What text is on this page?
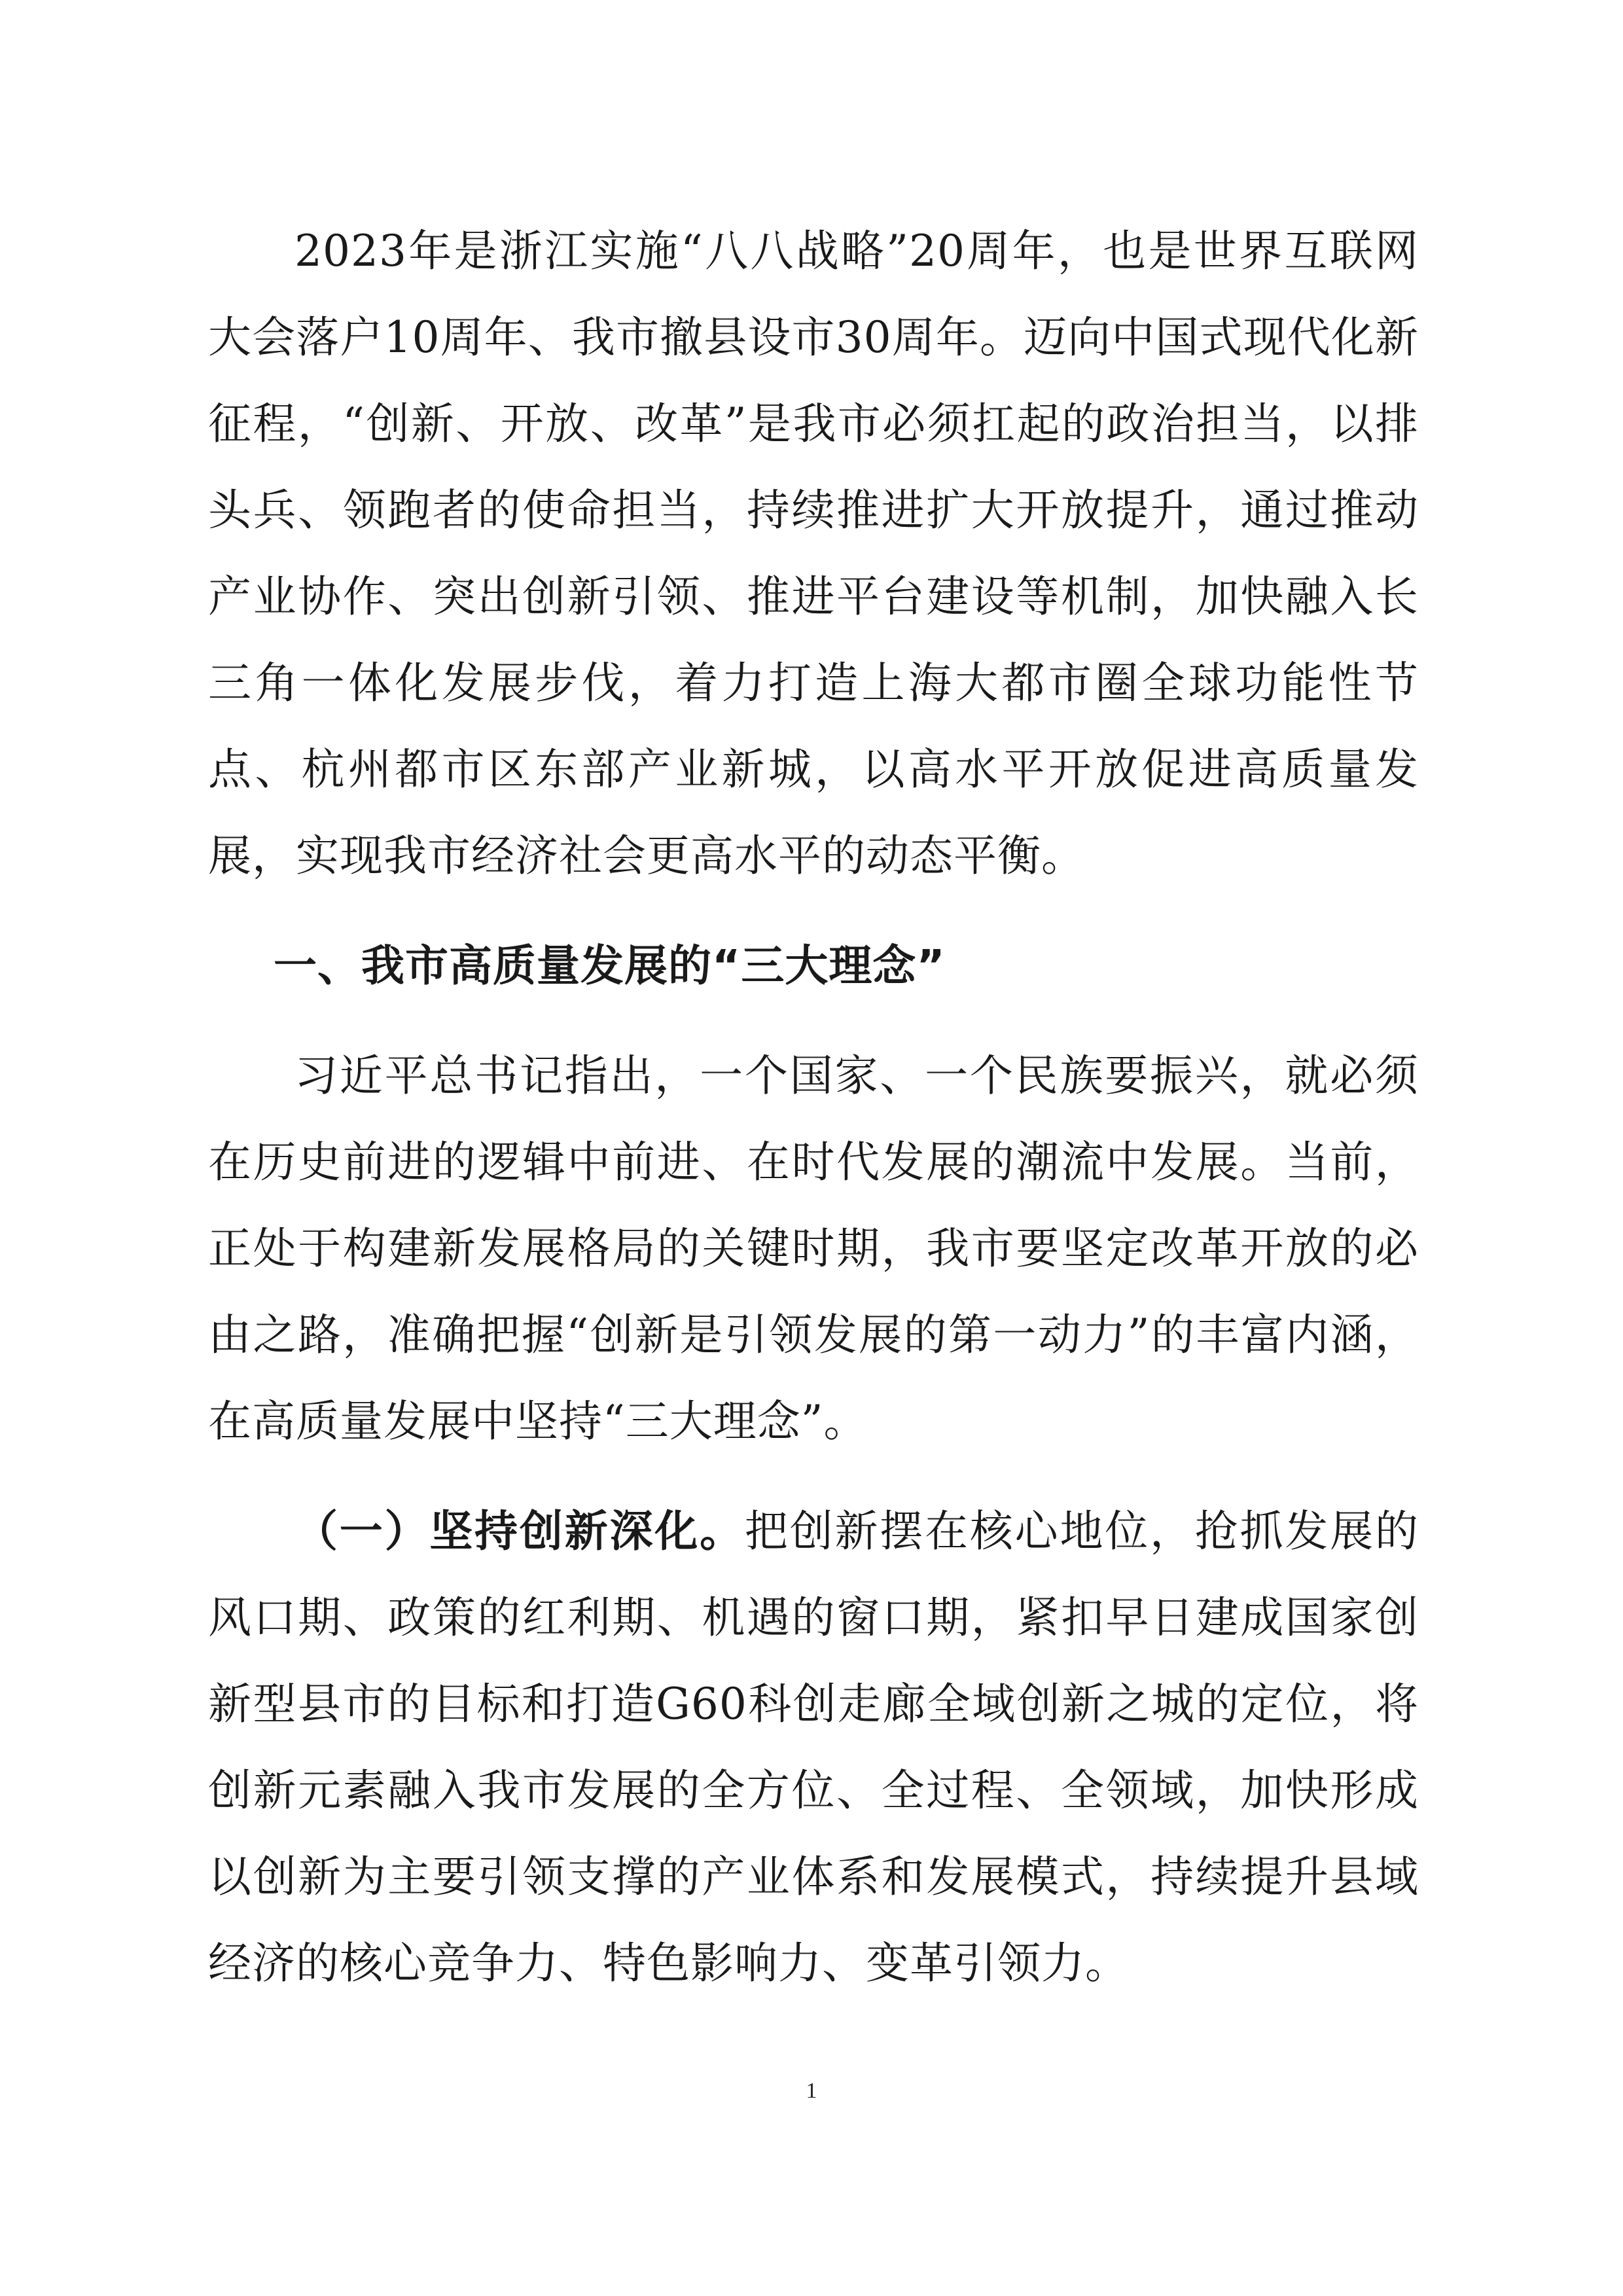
2023年是浙江实施“八八战略”20周年，也是世界互联网大会落户10周年、我市撤县设市30周年。迈向中国式现代化新征程，“创新、开放、改革”是我市必须扛起的政治担当，以排头兵、领跑者的使命担当，持续推进扩大开放提升，通过推动产业协作、突出创新引领、推进平台建设等机制，加快融入长三角一体化发展步伐，着力打造上海大都市圈全球功能性节点、杭州都市区东部产业新城，以高水平开放促进高质量发展，实现我市经济社会更高水平的动态平衡。

一、我市高质量发展的“三大理念”

习近平总书记指出，一个国家、一个民族要振兴，就必须在历史前进的逻辑中前进、在时代发展的潮流中发展。当前，正处于构建新发展格局的关键时期，我市要坚定改革开放的必由之路，准确把握“创新是引领发展的第一动力”的丰富内涵，在高质量发展中坚持“三大理念”。

（一）坚持创新深化。把创新摆在核心地位，抢抓发展的风口期、政策的红利期、机遇的窗口期，紧扣早日建成国家创新型县市的目标和打造G60科创走廊全域创新之城的定位，将创新元素融入我市发展的全方位、全过程、全领域，加快形成以创新为主要引领支撑的产业体系和发展模式，持续提升县域经济的核心竞争力、特色影响力、变革引领力。

1
